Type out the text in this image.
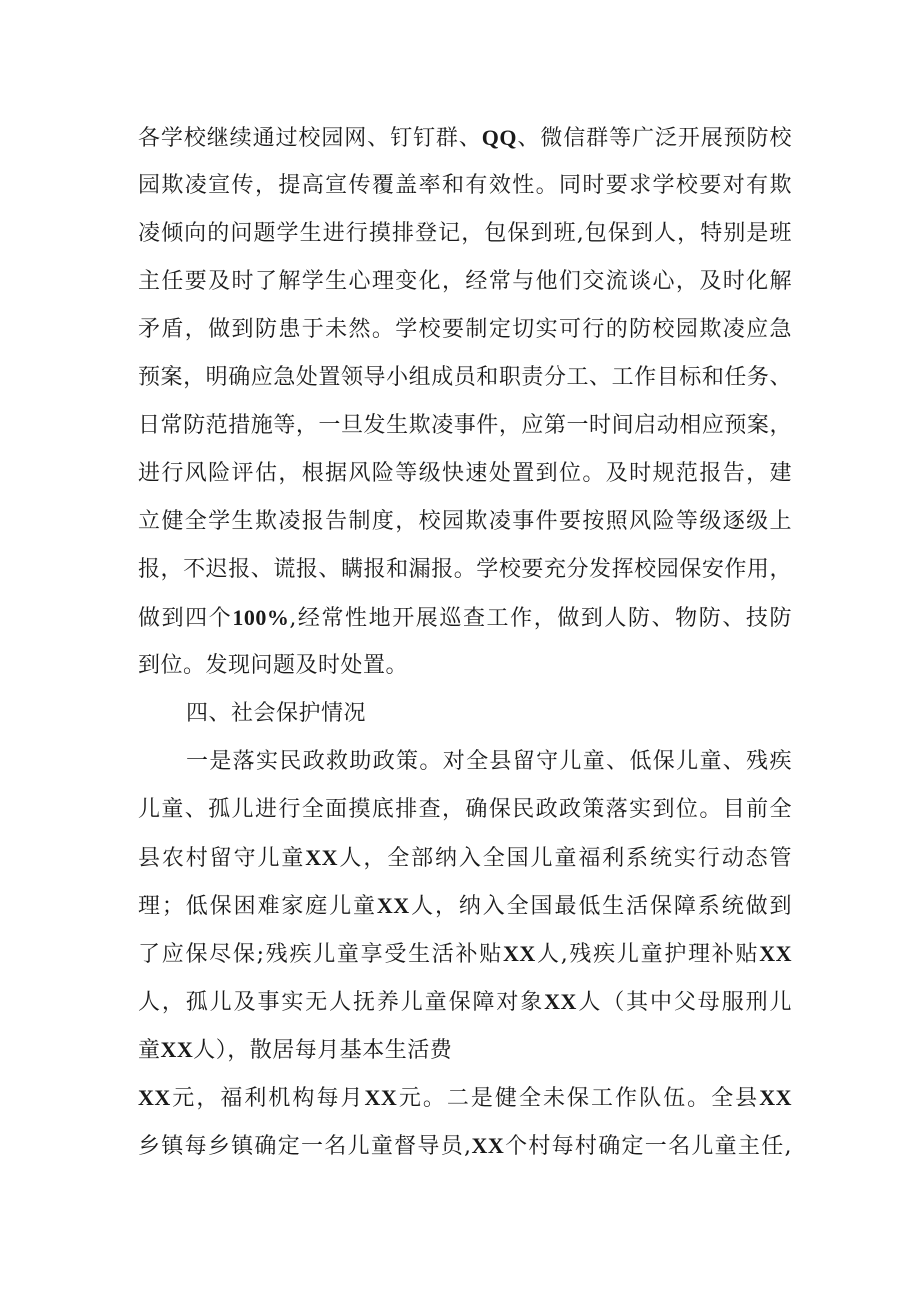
各学校继续通过校园网、钉钉群、QQ、微信群等广泛开展预防校
园欺凌宣传，提高宣传覆盖率和有效性。同时要求学校要对有欺
凌倾向的问题学生进行摸排登记，包保到班,包保到人，特别是班
主任要及时了解学生心理变化，经常与他们交流谈心，及时化解
矛盾，做到防患于未然。学校要制定切实可行的防校园欺凌应急
预案，明确应急处置领导小组成员和职责分工、工作目标和任务、
日常防范措施等，一旦发生欺凌事件，应第一时间启动相应预案，
进行风险评估，根据风险等级快速处置到位。及时规范报告，建
立健全学生欺凌报告制度，校园欺凌事件要按照风险等级逐级上
报，不迟报、谎报、瞒报和漏报。学校要充分发挥校园保安作用，
做到四个100%,经常性地开展巡查工作，做到人防、物防、技防
到位。发现问题及时处置。
四、社会保护情况
一是落实民政救助政策。对全县留守儿童、低保儿童、残疾
儿童、孤儿进行全面摸底排查，确保民政政策落实到位。目前全
县农村留守儿童XX人，全部纳入全国儿童福利系统实行动态管
理；低保困难家庭儿童XX人，纳入全国最低生活保障系统做到
了应保尽保;残疾儿童享受生活补贴XX人,残疾儿童护理补贴XX
人，孤儿及事实无人抚养儿童保障对象XX人（其中父母服刑儿
童XX人），散居每月基本生活费
XX元，福利机构每月XX元。二是健全未保工作队伍。全县XX
乡镇每乡镇确定一名儿童督导员,XX个村每村确定一名儿童主任,
